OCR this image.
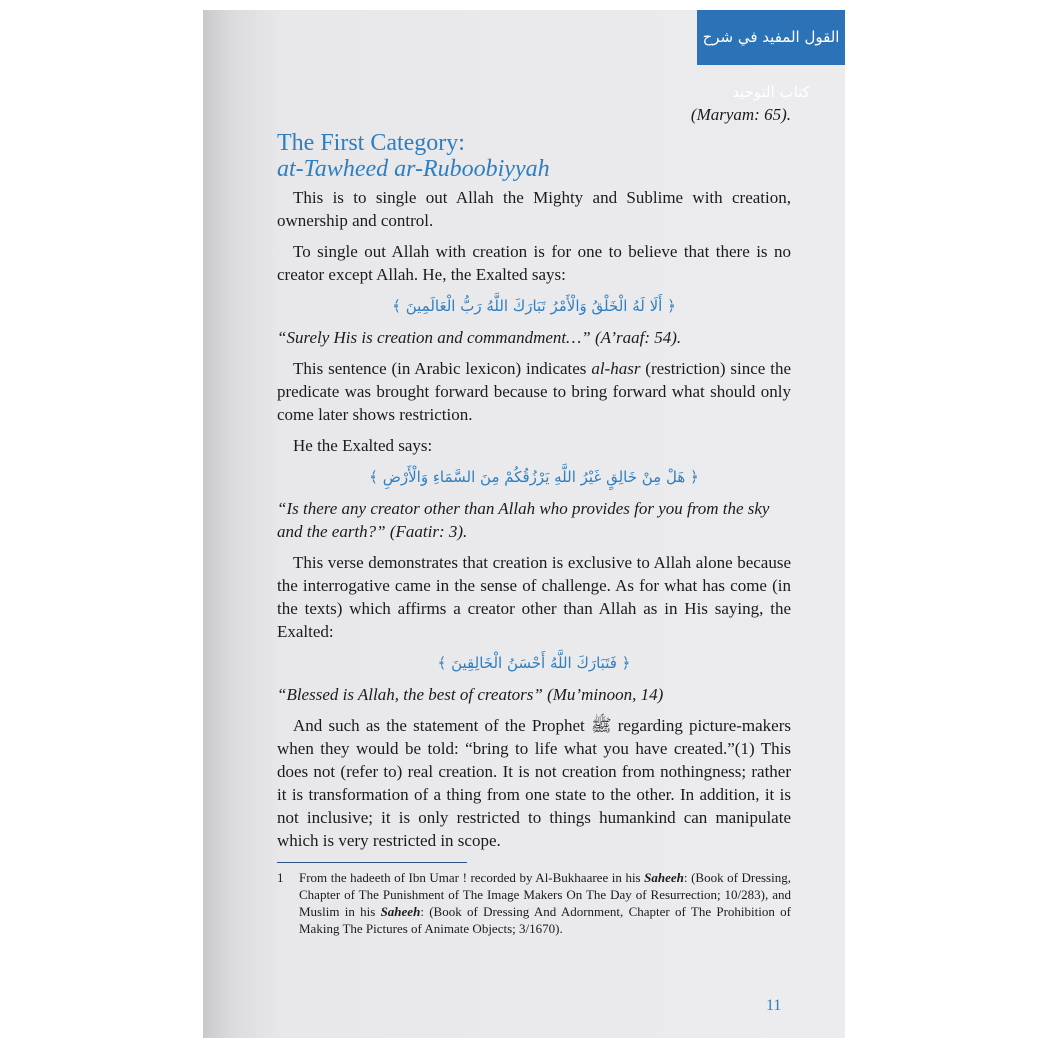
القول المفيد في شرح كتاب التوحيد
(Maryam: 65).
The First Category:
at-Tawheed ar-Ruboobiyyah

This is to single out Allah the Mighty and Sublime with creation, ownership and control.

To single out Allah with creation is for one to believe that there is no creator except Allah. He, the Exalted says:

﴿ أَلَا لَهُ الْخَلْقُ وَالْأَمْرُ تَبَارَكَ اللَّهُ رَبُّ الْعَالَمِينَ ﴾
“Surely His is creation and commandment…” (A’raaf: 54).

This sentence (in Arabic lexicon) indicates al-hasr (restriction) since the predicate was brought forward because to bring forward what should only come later shows restriction.

He the Exalted says:

﴿ هَلْ مِنْ خَالِقٍ غَيْرُ اللَّهِ يَرْزُقُكُمْ مِنَ السَّمَاءِ وَالْأَرْضِ ﴾
“Is there any creator other than Allah who provides for you from the sky and the earth?” (Faatir: 3).

This verse demonstrates that creation is exclusive to Allah alone because the interrogative came in the sense of challenge. As for what has come (in the texts) which affirms a creator other than Allah as in His saying, the Exalted:

﴿ فَتَبَارَكَ اللَّهُ أَحْسَنُ الْخَالِقِينَ ﴾
“Blessed is Allah, the best of creators” (Mu’minoon, 14)

And such as the statement of the Prophet ﷺ regarding picture-makers when they would be told: “bring to life what you have created.”(1) This does not (refer to) real creation. It is not creation from nothingness; rather it is transformation of a thing from one state to the other. In addition, it is not inclusive; it is only restricted to things humankind can manipulate which is very restricted in scope.

1	From the hadeeth of Ibn Umar ! recorded by Al-Bukhaaree in his Saheeh: (Book of Dressing, Chapter of The Punishment of The Image Makers On The Day of Resurrection; 10/283), and Muslim in his Saheeh: (Book of Dressing And Adornment, Chapter of The Prohibition of Making The Pictures of Animate Objects; 3/1670).
11
